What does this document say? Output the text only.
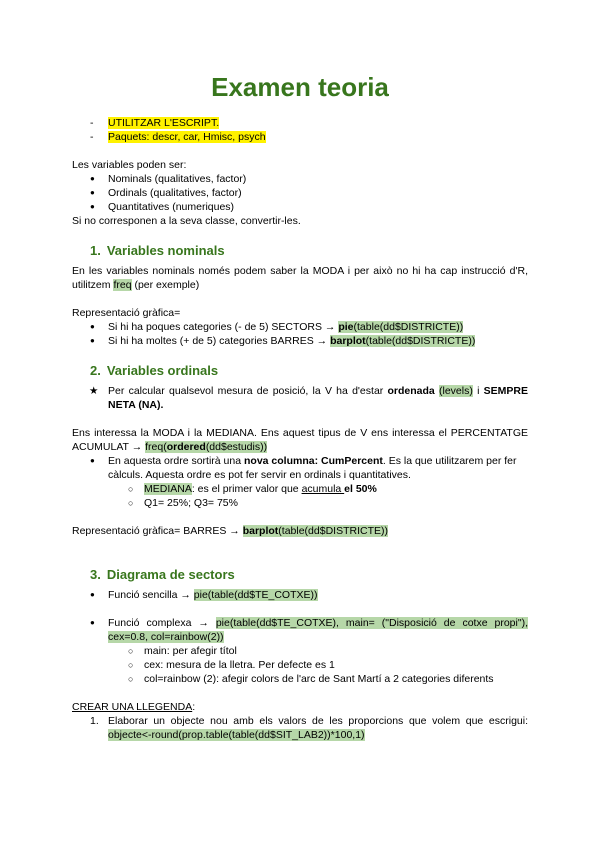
Examen teoria
- UTILITZAR L'ESCRIPT.
- Paquets: descr, car, Hmisc, psych

Les variables poden ser:

● Nominals (qualitatives, factor)
● Ordinals (qualitatives, factor)
● Quantitatives (numeriques)

Si no corresponen a la seva classe, convertir-les.

1. Variables nominals

En les variables nominals només podem saber la MODA i per això no hi ha cap instrucció d'R, utilitzem freq (per exemple)

Representació gràfica=

● Si hi ha poques categories (- de 5) SECTORS → pie(table(dd$DISTRICTE))
● Si hi ha moltes (+ de 5) categories BARRES → barplot(table(dd$DISTRICTE))
2. Variables ordinals
★ Per calcular qualsevol mesura de posició, la V ha d'estar ordenada (levels) i SEMPRE NETA (NA).

Ens interessa la MODA i la MEDIANA. Ens aquest tipus de V ens interessa el PERCENTATGE ACUMULAT → freq(ordered(dd$estudis))

● En aquesta ordre sortirà una nova columna: CumPercent. Es la que utilitzarem per fer càlculs. Aquesta ordre es pot fer servir en ordinals i quantitatives.
○ MEDIANA: es el primer valor que acumula el 50%
○ Q1= 25%; Q3= 75%

Representació gràfica= BARRES → barplot(table(dd$DISTRICTE))

3. Diagrama de sectors
● Funció sencilla → pie(table(dd$TE_COTXE))
● Funció complexa → pie(table(dd$TE_COTXE), main= ("Disposició de cotxe propi"), cex=0.8, col=rainbow(2))
○ main: per afegir títol
○ cex: mesura de la lletra. Per defecte es 1
○ col=rainbow (2): afegir colors de l'arc de Sant Martí a 2 categories diferents

CREAR UNA LLEGENDA:

1. Elaborar un objecte nou amb els valors de les proporcions que volem que escrigui: objecte<-round(prop.table(table(dd$SIT_LAB2))*100,1)
